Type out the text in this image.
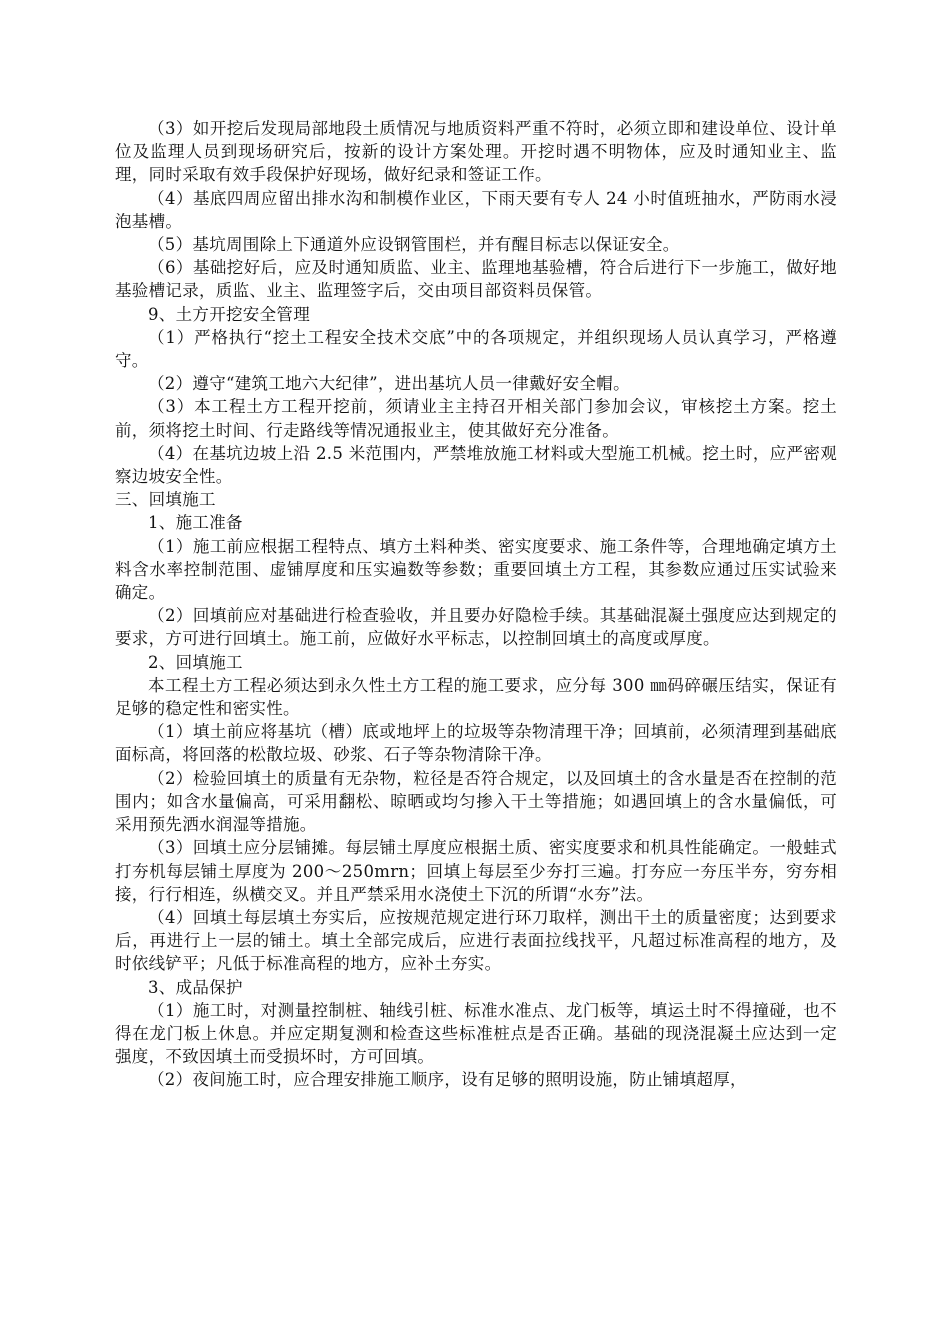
（3）如开挖后发现局部地段土质情况与地质资料严重不符时，必须立即和建设单位、设计单位及监理人员到现场研究后，按新的设计方案处理。开挖时遇不明物体，应及时通知业主、监理，同时采取有效手段保护好现场，做好纪录和签证工作。

（4）基底四周应留出排水沟和制模作业区，下雨天要有专人 24 小时值班抽水，严防雨水浸泡基槽。

（5）基坑周围除上下通道外应设钢管围栏，并有醒目标志以保证安全。

（6）基础挖好后，应及时通知质监、业主、监理地基验槽，符合后进行下一步施工，做好地基验槽记录，质监、业主、监理签字后，交由项目部资料员保管。

9、土方开挖安全管理

（1）严格执行“挖土工程安全技术交底”中的各项规定，并组织现场人员认真学习，严格遵守。

（2）遵守“建筑工地六大纪律”，进出基坑人员一律戴好安全帽。

（3）本工程土方工程开挖前，须请业主主持召开相关部门参加会议，审核挖土方案。挖土前，须将挖土时间、行走路线等情况通报业主，使其做好充分准备。

（4）在基坑边坡上沿 2.5 米范围内，严禁堆放施工材料或大型施工机械。挖土时，应严密观察边坡安全性。

三、回填施工

1、施工准备

（1）施工前应根据工程特点、填方土料种类、密实度要求、施工条件等，合理地确定填方土料含水率控制范围、虚铺厚度和压实遍数等参数；重要回填土方工程，其参数应通过压实试验来确定。

（2）回填前应对基础进行检查验收，并且要办好隐检手续。其基础混凝土强度应达到规定的要求，方可进行回填土。施工前，应做好水平标志，以控制回填土的高度或厚度。

2、回填施工

本工程土方工程必须达到永久性土方工程的施工要求，应分每 300 ㎜码碎碾压结实，保证有足够的稳定性和密实性。

（1）填土前应将基坑（槽）底或地坪上的垃圾等杂物清理干净；回填前，必须清理到基础底面标高，将回落的松散垃圾、砂浆、石子等杂物清除干净。

（2）检验回填土的质量有无杂物，粒径是否符合规定，以及回填土的含水量是否在控制的范围内；如含水量偏高，可采用翻松、晾晒或均匀掺入干土等措施；如遇回填上的含水量偏低，可采用预先洒水润湿等措施。

（3）回填土应分层铺摊。每层铺土厚度应根据土质、密实度要求和机具性能确定。一般蛙式打夯机每层铺土厚度为 200～250mrn；回填上每层至少夯打三遍。打夯应一夯压半夯，穷夯相接，行行相连，纵横交叉。并且严禁采用水浇使土下沉的所谓“水夯”法。

（4）回填土每层填土夯实后，应按规范规定进行环刀取样，测出干土的质量密度；达到要求后，再进行上一层的铺土。填土全部完成后，应进行表面拉线找平，凡超过标准高程的地方，及时依线铲平；凡低于标准高程的地方，应补土夯实。

3、成品保护

（1）施工时，对测量控制桩、轴线引桩、标准水准点、龙门板等，填运土时不得撞碰，也不得在龙门板上休息。并应定期复测和检查这些标准桩点是否正确。基础的现浇混凝土应达到一定强度，不致因填土而受损坏时，方可回填。

（2）夜间施工时，应合理安排施工顺序，设有足够的照明设施，防止铺填超厚，
